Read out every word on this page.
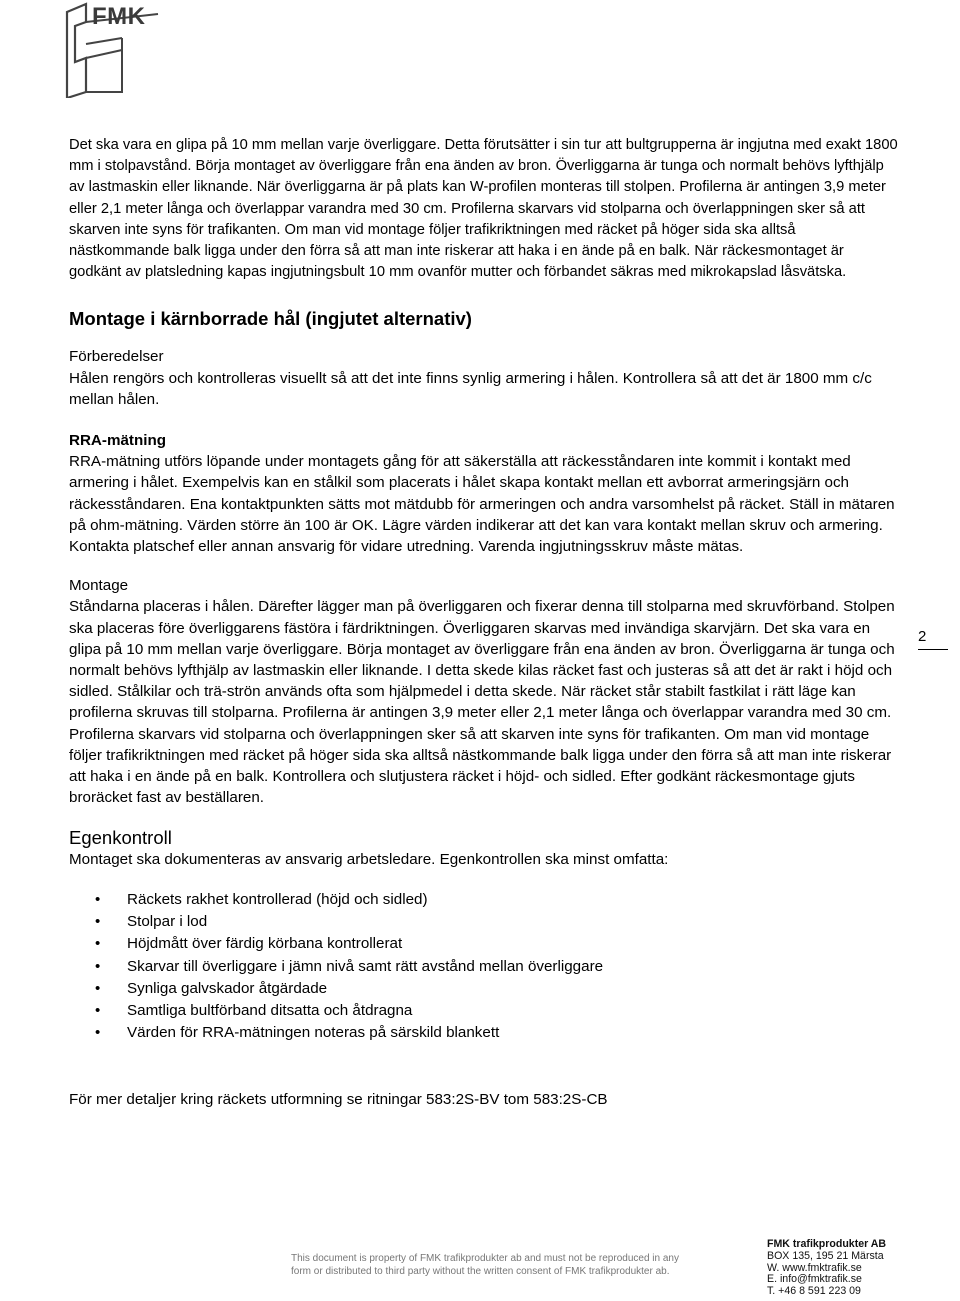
FMK

Det ska vara en glipa på 10 mm mellan varje överliggare. Detta förutsätter i sin tur att bultgrupperna är ingjutna med exakt 1800 mm i stolpavstånd. Börja montaget av överliggare från ena änden av bron. Överliggarna är tunga och normalt behövs lyfthjälp av lastmaskin eller liknande. När överliggarna är på plats kan W-profilen monteras till stolpen. Profilerna är antingen 3,9 meter eller 2,1 meter långa och överlappar varandra med 30 cm. Profilerna skarvars vid stolparna och överlappningen sker så att skarven inte syns för trafikanten. Om man vid montage följer trafikriktningen med räcket på höger sida ska alltså nästkommande balk ligga under den förra så att man inte riskerar att haka i en ände på en balk. När räckesmontaget är godkänt av platsledning kapas ingjutningsbult 10 mm ovanför mutter och förbandet säkras med mikrokapslad låsvätska.

Montage i kärnborrade hål (ingjutet alternativ)
Förberedelser

Hålen rengörs och kontrolleras visuellt så att det inte finns synlig armering i hålen. Kontrollera så att det är 1800 mm c/c mellan hålen.

RRA-mätning

RRA-mätning utförs löpande under montagets gång för att säkerställa att räckesståndaren inte kommit i kontakt med armering i hålet. Exempelvis kan en stålkil som placerats i hålet skapa kontakt mellan ett avborrat armeringsjärn och räckesståndaren. Ena kontaktpunkten sätts mot mätdubb för armeringen och andra varsomhelst på räcket. Ställ in mätaren på ohm-mätning. Värden större än 100 är OK. Lägre värden indikerar att det kan vara kontakt mellan skruv och armering. Kontakta platschef eller annan ansvarig för vidare utredning. Varenda ingjutningsskruv måste mätas.

Montage

Ståndarna placeras i hålen. Därefter lägger man på överliggaren och fixerar denna till stolparna med skruvförband. Stolpen ska placeras före överliggarens fästöra i färdriktningen. Överliggaren skarvas med invändiga skarvjärn. Det ska vara en glipa på 10 mm mellan varje överliggare. Börja montaget av överliggare från ena änden av bron. Överliggarna är tunga och normalt behövs lyfthjälp av lastmaskin eller liknande. I detta skede kilas räcket fast och justeras så att det är rakt i höjd och sidled. Stålkilar och trä-strön används ofta som hjälpmedel i detta skede. När räcket står stabilt fastkilat i rätt läge kan profilerna skruvas till stolparna. Profilerna är antingen 3,9 meter eller 2,1 meter långa och överlappar varandra med 30 cm. Profilerna skarvars vid stolparna och överlappningen sker så att skarven inte syns för trafikanten. Om man vid montage följer trafikriktningen med räcket på höger sida ska alltså nästkommande balk ligga under den förra så att man inte riskerar att haka i en ände på en balk. Kontrollera och slutjustera räcket i höjd- och sidled. Efter godkänt räckesmontage gjuts broräcket fast av beställaren.

Egenkontroll

Montaget ska dokumenteras av ansvarig arbetsledare. Egenkontrollen ska minst omfatta:

• Räckets rakhet kontrollerad (höjd och sidled)
• Stolpar i lod
• Höjdmått över färdig körbana kontrollerat
• Skarvar till överliggare i jämn nivå samt rätt avstånd mellan överliggare
• Synliga galvskador åtgärdade
• Samtliga bultförband ditsatta och åtdragna
• Värden för RRA-mätningen noteras på särskild blankett

För mer detaljer kring räckets utformning se ritningar 583:2S-BV tom 583:2S-CB

2
This document is property of FMK trafikprodukter ab and must not be reproduced in any
form or distributed to third party without the written consent of FMK trafikprodukter ab.
FMK trafikprodukter AB
BOX 135, 195 21 Märsta
W. www.fmktrafik.se
E. info@fmktrafik.se
T. +46 8 591 223 09
